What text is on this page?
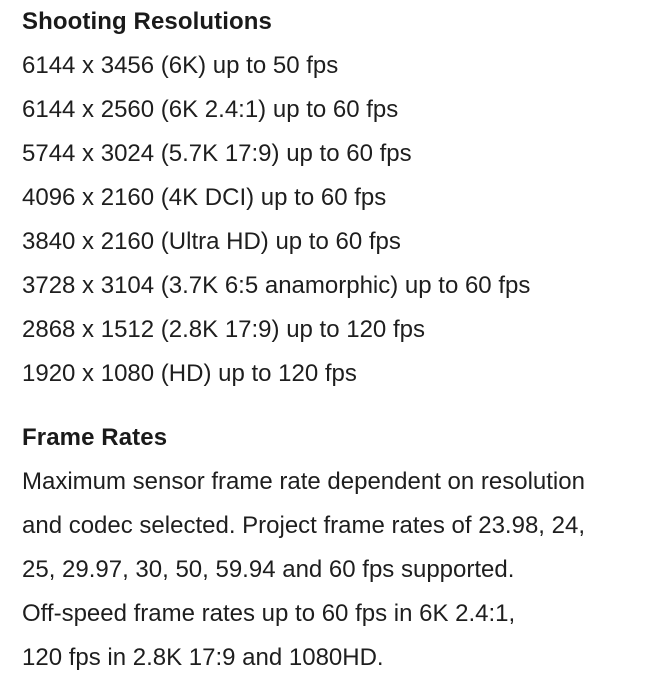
Shooting Resolutions
6144 x 3456 (6K) up to 50 fps
6144 x 2560 (6K 2.4:1) up to 60 fps
5744 x 3024 (5.7K 17:9) up to 60 fps
4096 x 2160 (4K DCI) up to 60 fps
3840 x 2160 (Ultra HD) up to 60 fps
3728 x 3104 (3.7K 6:5 anamorphic) up to 60 fps
2868 x 1512 (2.8K 17:9) up to 120 fps
1920 x 1080 (HD) up to 120 fps
Frame Rates

Maximum sensor frame rate dependent on resolution
and codec selected. Project frame rates of 23.98, 24,
25, 29.97, 30, 50, 59.94 and 60 fps supported.
Off-speed frame rates up to 60 fps in 6K 2.4:1,
120 fps in 2.8K 17:9 and 1080HD.
